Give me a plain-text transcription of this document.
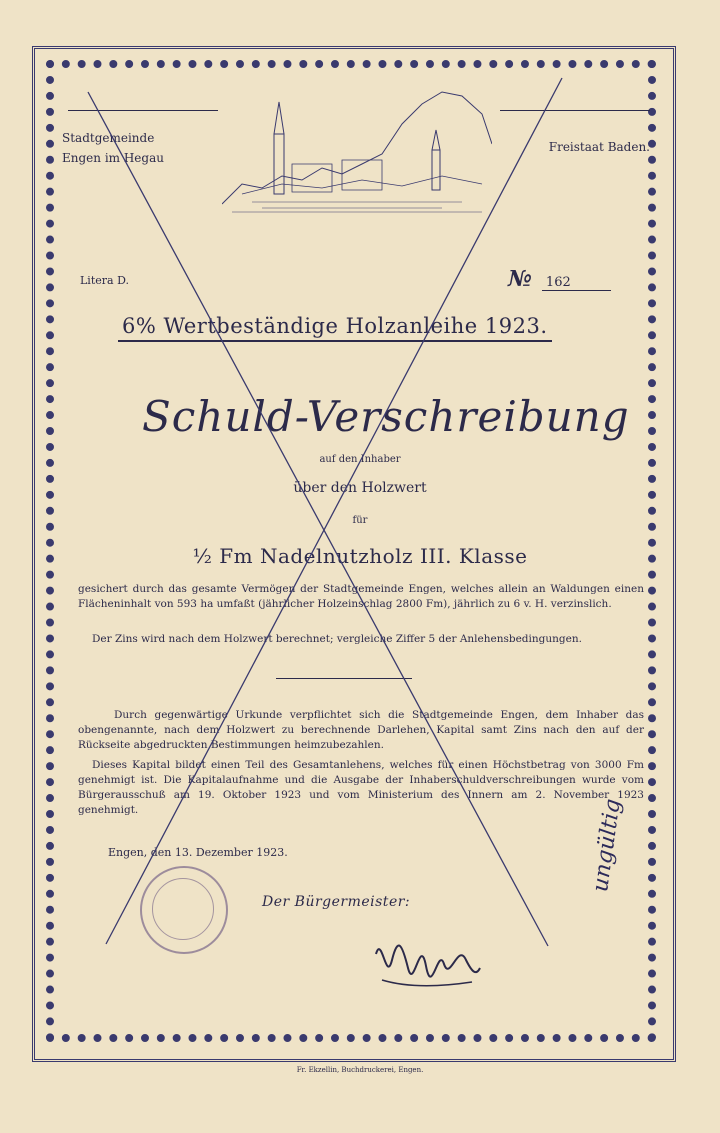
Stadtgemeinde
Engen im Hegau

Freistaat Baden.

Litera D.	№ 162

6% Wertbeständige Holzanleihe 1923.

Schuld-Verschreibung

auf den Inhaber

über den Holzwert

für

½ Fm Nadelnutzholz III. Klasse

gesichert durch das gesamte Vermögen der Stadtgemeinde Engen, welches allein an Waldungen einen Flächeninhalt von 593 ha umfaßt (jährlicher Holzeinschlag 2800 Fm), jährlich zu 6 v. H. verzinslich.

Der Zins wird nach dem Holzwert berechnet; vergleiche Ziffer 5 der Anlehensbedingungen.

Durch gegenwärtige Urkunde verpflichtet sich die Stadtgemeinde Engen, dem Inhaber das obengenannte, nach dem Holzwert zu berechnende Darlehen, Kapital samt Zins nach den auf der Rückseite abgedruckten Bestimmungen heimzubezahlen.

Dieses Kapital bildet einen Teil des Gesamtanlehens, welches für einen Höchstbetrag von 3000 Fm genehmigt ist. Die Kapitalaufnahme und die Ausgabe der Inhaberschuldverschreibungen wurde vom Bürgerausschuß am 19. Oktober 1923 und vom Ministerium des Innern am 2. November 1923 genehmigt.

Engen, den 13. Dezember 1923.

Der Bürgermeister:

ungültig

Fr. Ekzellin, Buchdruckerei, Engen.
